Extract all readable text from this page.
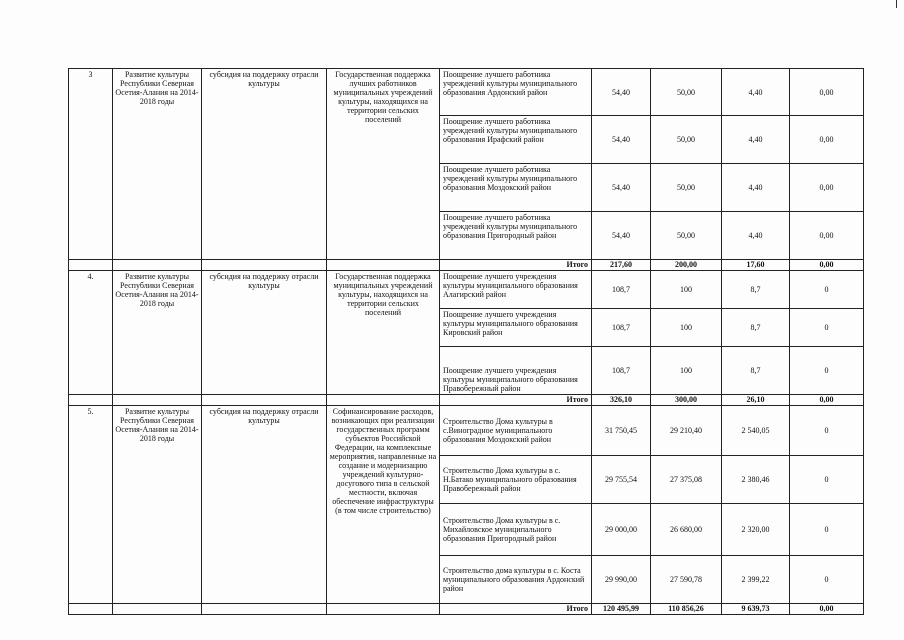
3	Развитие культуры Республики Северная Осетия-Алания на 2014-2018 годы	субсидия на поддержку отрасли культуры	Государственная поддержка лучших работников муниципальных учреждений культуры, находящихся на территории сельских поселений	Поощрение лучшего работника учреждений культуры муниципального образования Ардонский район	54,40	50,00	4,40	0,00
				Поощрение лучшего работника учреждений культуры муниципального образования Ирафский район	54,40	50,00	4,40	0,00
				Поощрение лучшего работника учреждений культуры муниципального образования Моздокский район	54,40	50,00	4,40	0,00
				Поощрение лучшего работника учреждений культуры муниципального образования Пригородный район	54,40	50,00	4,40	0,00
				Итого	217,60	200,00	17,60	0,00
4.	Развитие культуры Республики Северная Осетия-Алания на 2014-2018 годы	субсидия на поддержку отрасли культуры	Государственная поддержка муниципальных учреждений культуры, находящихся на территории сельских поселений	Поощрение лучшего учреждения культуры муниципального образования Алагирский район	108,7	100	8,7	0
				Поощрение лучшего учреждения культуры муниципального образования Кировский район	108,7	100	8,7	0
				Поощрение лучшего учреждения культуры муниципального образования Правобережный район	108,7	100	8,7	0
				Итого	326,10	300,00	26,10	0,00
5.	Развитие культуры Республики Северная Осетия-Алания на 2014-2018 годы	субсидия на поддержку отрасли культуры	Софинансирование расходов, возникающих при реализации государственных программ субъектов Российской Федерации, на комплексные мероприятия, направленные на создание и модернизацию учреждений культурно-досугового типа в сельской местности, включая обеспечение инфраструктуры (в том числе строительство)	Строительство Дома культуры в с.Виноградное муниципального образования Моздокский район	31 750,45	29 210,40	2 540,05	0
				Строительство Дома культуры в с. Н.Батако муниципального образования Правобережный район	29 755,54	27 375,08	2 380,46	0
				Строительство Дома культуры в с. Михайловское муниципального образования Пригородный район	29 000,00	26 680,00	2 320,00	0
				Строительство дома культуры в с. Коста муниципального образования Ардонский район	29 990,00	27 590,78	2 399,22	0
				Итого	120 495,99	110 856,26	9 639,73	0,00
